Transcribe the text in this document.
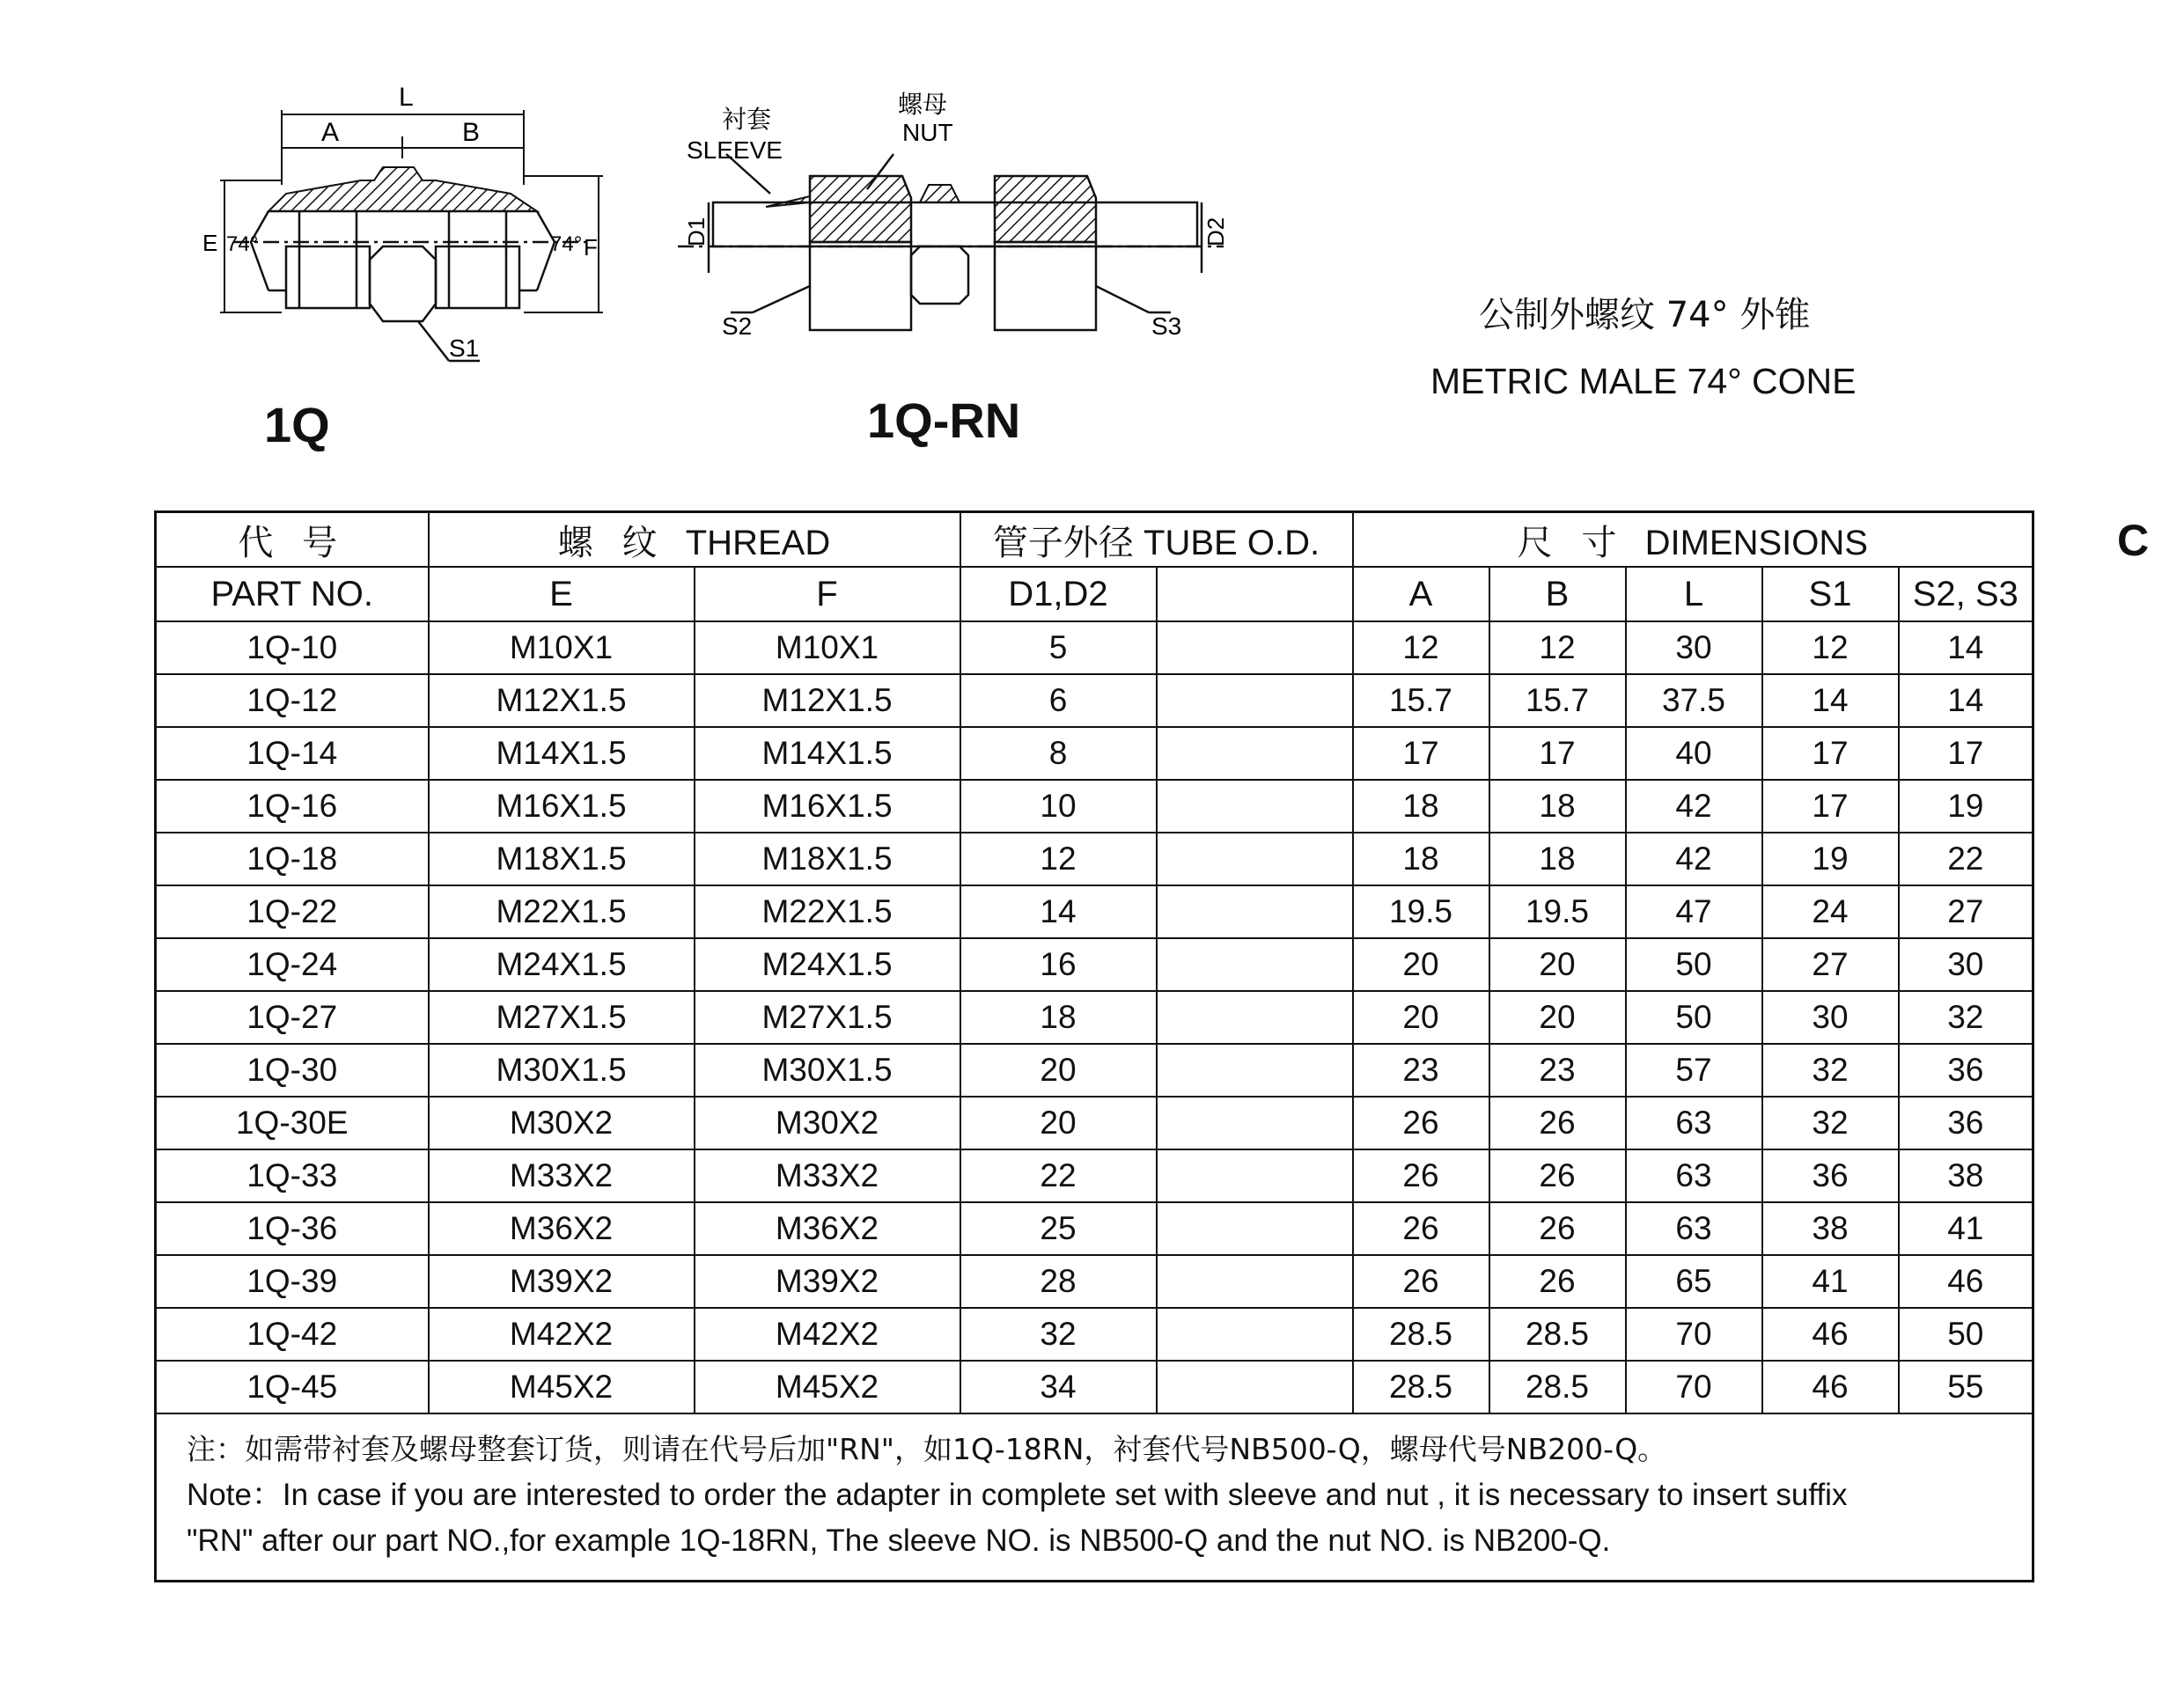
L
A	B
E 74°	74° F
S1
衬套
SLEEVE
螺母
NUT
D1	D2
S2	S3
1Q	1Q-RN
公制外螺纹 74° 外锥
METRIC MALE 74° CONE
C
代 号	螺 纹 THREAD		管子外径 TUBE O.D.		尺 寸 DIMENSIONS				
PART NO.	E	F	D1,D2		A	B	L	S1	S2, S3
1Q-10	M10X1	M10X1	5		12	12	30	12	14
1Q-12	M12X1.5	M12X1.5	6		15.7	15.7	37.5	14	14
1Q-14	M14X1.5	M14X1.5	8		17	17	40	17	17
1Q-16	M16X1.5	M16X1.5	10		18	18	42	17	19
1Q-18	M18X1.5	M18X1.5	12		18	18	42	19	22
1Q-22	M22X1.5	M22X1.5	14		19.5	19.5	47	24	27
1Q-24	M24X1.5	M24X1.5	16		20	20	50	27	30
1Q-27	M27X1.5	M27X1.5	18		20	20	50	30	32
1Q-30	M30X1.5	M30X1.5	20		23	23	57	32	36
1Q-30E	M30X2	M30X2	20		26	26	63	32	36
1Q-33	M33X2	M33X2	22		26	26	63	36	38
1Q-36	M36X2	M36X2	25		26	26	63	38	41
1Q-39	M39X2	M39X2	28		26	26	65	41	46
1Q-42	M42X2	M42X2	32		28.5	28.5	70	46	50
1Q-45	M45X2	M45X2	34		28.5	28.5	70	46	55

注：如需带衬套及螺母整套订货，则请在代号后加"RN"，如1Q-18RN，衬套代号NB500-Q，螺母代号NB200-Q。
Note：In case if you are interested to order the adapter in complete set with sleeve and nut , it is necessary to insert suffix
"RN" after our part NO.,for example 1Q-18RN, The sleeve NO. is NB500-Q and the nut NO. is NB200-Q.									
